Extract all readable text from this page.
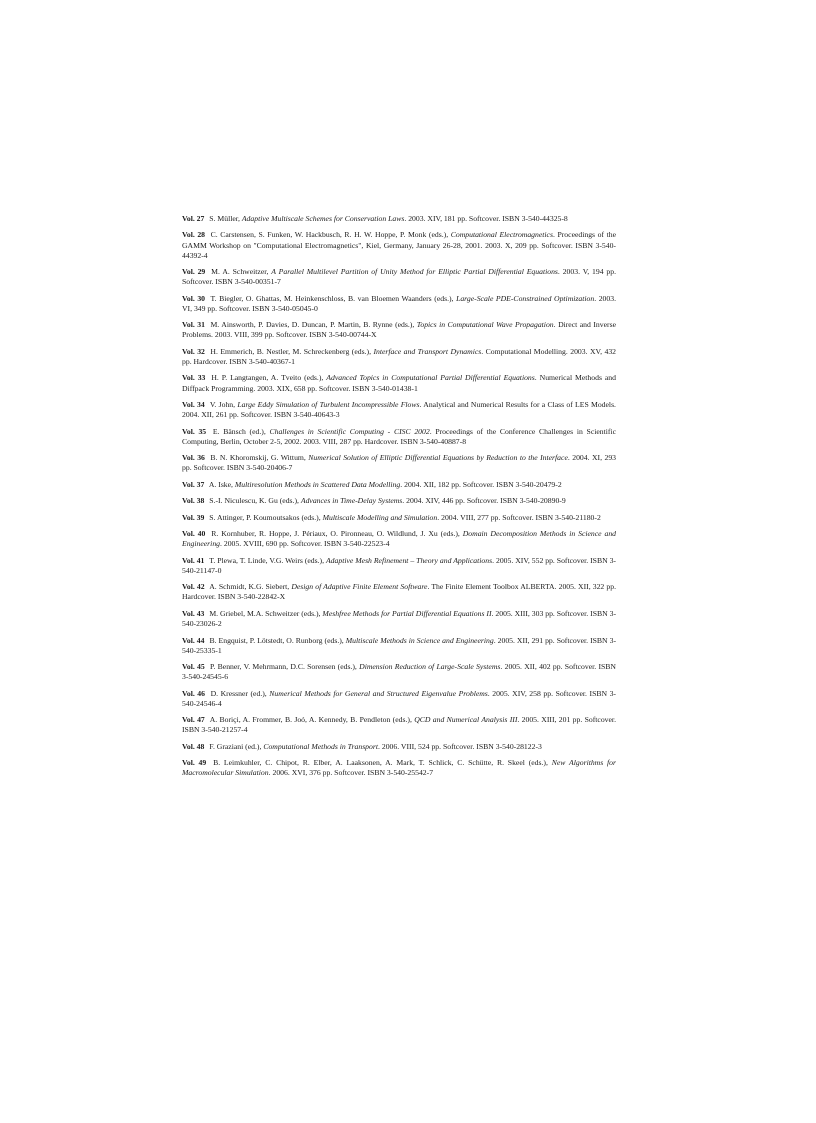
Vol. 27 S. Müller, Adaptive Multiscale Schemes for Conservation Laws. 2003. XIV, 181 pp. Softcover. ISBN 3-540-44325-8
Vol. 28 C. Carstensen, S. Funken, W. Hackbusch, R. H. W. Hoppe, P. Monk (eds.), Computational Electromagnetics. Proceedings of the GAMM Workshop on "Computational Electromagnetics", Kiel, Germany, January 26-28, 2001. 2003. X, 209 pp. Softcover. ISBN 3-540-44392-4
Vol. 29 M. A. Schweitzer, A Parallel Multilevel Partition of Unity Method for Elliptic Partial Differential Equations. 2003. V, 194 pp. Softcover. ISBN 3-540-00351-7
Vol. 30 T. Biegler, O. Ghattas, M. Heinkenschloss, B. van Bloemen Waanders (eds.), Large-Scale PDE-Constrained Optimization. 2003. VI, 349 pp. Softcover. ISBN 3-540-05045-0
Vol. 31 M. Ainsworth, P. Davies, D. Duncan, P. Martin, B. Rynne (eds.), Topics in Computational Wave Propagation. Direct and Inverse Problems. 2003. VIII, 399 pp. Softcover. ISBN 3-540-00744-X
Vol. 32 H. Emmerich, B. Nestler, M. Schreckenberg (eds.), Interface and Transport Dynamics. Computational Modelling. 2003. XV, 432 pp. Hardcover. ISBN 3-540-40367-1
Vol. 33 H. P. Langtangen, A. Tveito (eds.), Advanced Topics in Computational Partial Differential Equations. Numerical Methods and Diffpack Programming. 2003. XIX, 658 pp. Softcover. ISBN 3-540-01438-1
Vol. 34 V. John, Large Eddy Simulation of Turbulent Incompressible Flows. Analytical and Numerical Results for a Class of LES Models. 2004. XII, 261 pp. Softcover. ISBN 3-540-40643-3
Vol. 35 E. Bänsch (ed.), Challenges in Scientific Computing - CISC 2002. Proceedings of the Conference Challenges in Scientific Computing, Berlin, October 2-5, 2002. 2003. VIII, 287 pp. Hardcover. ISBN 3-540-40887-8
Vol. 36 B. N. Khoromskij, G. Wittum, Numerical Solution of Elliptic Differential Equations by Reduction to the Interface. 2004. XI, 293 pp. Softcover. ISBN 3-540-20406-7
Vol. 37 A. Iske, Multiresolution Methods in Scattered Data Modelling. 2004. XII, 182 pp. Softcover. ISBN 3-540-20479-2
Vol. 38 S.-I. Niculescu, K. Gu (eds.), Advances in Time-Delay Systems. 2004. XIV, 446 pp. Softcover. ISBN 3-540-20890-9
Vol. 39 S. Attinger, P. Koumoutsakos (eds.), Multiscale Modelling and Simulation. 2004. VIII, 277 pp. Softcover. ISBN 3-540-21180-2
Vol. 40 R. Kornhuber, R. Hoppe, J. Périaux, O. Pironneau, O. Wildlund, J. Xu (eds.), Domain Decomposition Methods in Science and Engineering. 2005. XVIII, 690 pp. Softcover. ISBN 3-540-22523-4
Vol. 41 T. Plewa, T. Linde, V.G. Weirs (eds.), Adaptive Mesh Refinement – Theory and Applications. 2005. XIV, 552 pp. Softcover. ISBN 3-540-21147-0
Vol. 42 A. Schmidt, K.G. Siebert, Design of Adaptive Finite Element Software. The Finite Element Toolbox ALBERTA. 2005. XII, 322 pp. Hardcover. ISBN 3-540-22842-X
Vol. 43 M. Griebel, M.A. Schweitzer (eds.), Meshfree Methods for Partial Differential Equations II. 2005. XIII, 303 pp. Softcover. ISBN 3-540-23026-2
Vol. 44 B. Engquist, P. Lötstedt, O. Runborg (eds.), Multiscale Methods in Science and Engineering. 2005. XII, 291 pp. Softcover. ISBN 3-540-25335-1
Vol. 45 P. Benner, V. Mehrmann, D.C. Sorensen (eds.), Dimension Reduction of Large-Scale Systems. 2005. XII, 402 pp. Softcover. ISBN 3-540-24545-6
Vol. 46 D. Kressner (ed.), Numerical Methods for General and Structured Eigenvalue Problems. 2005. XIV, 258 pp. Softcover. ISBN 3-540-24546-4
Vol. 47 A. Boriçi, A. Frommer, B. Joó, A. Kennedy, B. Pendleton (eds.), QCD and Numerical Analysis III. 2005. XIII, 201 pp. Softcover. ISBN 3-540-21257-4
Vol. 48 F. Graziani (ed.), Computational Methods in Transport. 2006. VIII, 524 pp. Softcover. ISBN 3-540-28122-3
Vol. 49 B. Leimkuhler, C. Chipot, R. Elber, A. Laaksonen, A. Mark, T. Schlick, C. Schütte, R. Skeel (eds.), New Algorithms for Macromolecular Simulation. 2006. XVI, 376 pp. Softcover. ISBN 3-540-25542-7
